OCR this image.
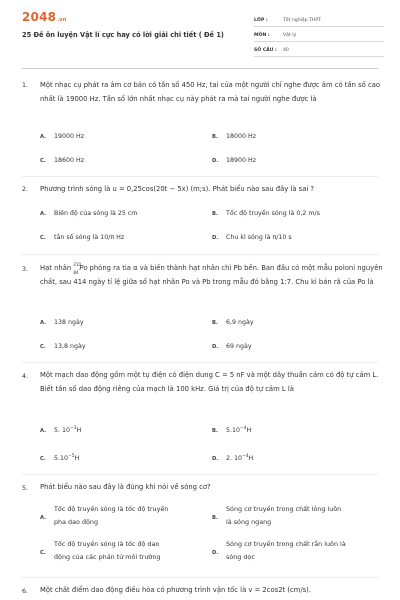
2048.vn
25 Đề ôn luyện Vật lí cực hay có lời giải chi tiết ( Đề 1)
LỚP :	Tốt nghiệp THPT
MÔN :	Vật lý
SỐ CÂU :	40
1. Một nhạc cụ phát ra âm cơ bản có tần số 450 Hz, tai của một người chỉ nghe được âm có tần số cao nhất là 19000 Hz. Tần số lớn nhất nhạc cụ này phát ra mà tai người nghe được là
A. 19000 Hz	B. 18000 Hz
C. 18600 Hz	D. 18900 Hz
2. Phương trình sóng là u = 0,25cos(20t − 5x) (m;s). Phát biểu nào sau đây là sai ?
A. Biên độ của sóng là 25 cm	B. Tốc độ truyền sóng là 0,2 m/s
C. tần số sóng là 10/π Hz	D. Chu kì sóng là π/10 s
3. Hạt nhân 210
84
Po phóng ra tia α và biến thành hạt nhân chì Pb bền. Ban đầu có một mẫu poloni nguyên chất, sau 414 ngày tỉ lệ giữa số hạt nhân Po và Pb trong mẫu đó bằng 1:7. Chu kì bán rã của Po là
A. 138 ngày	B. 6,9 ngày
C. 13,8 ngày	D. 69 ngày
4. Một mạch dao động gồm một tụ điện có điện dung C = 5 nF và một dây thuần cảm có độ tự cảm L. Biết tần số dao động riêng của mạch là 100 kHz. Giá trị của độ tự cảm L là
A. 5. $10^{-3}H$	B. $5.10^{-4}H$
C. $5.10^{-5}H$	D. 2. $10^{-4}H$
5. Phát biểu nào sau đây là đúng khi nói về sóng cơ?
A.
Tốc độ truyền sóng là tốc độ truyền
pha dao động	B.
Sóng cơ truyền trong chất lỏng luôn
là sóng ngang
C.
Tốc độ truyền sóng là tốc độ dao
động của các phần tử môi trường	D.
Sóng cơ truyền trong chất rắn luôn là
sóng dọc
6. Một chất điểm dao động điều hòa có phương trình vận tốc là v = 2cos2t (cm/s).
